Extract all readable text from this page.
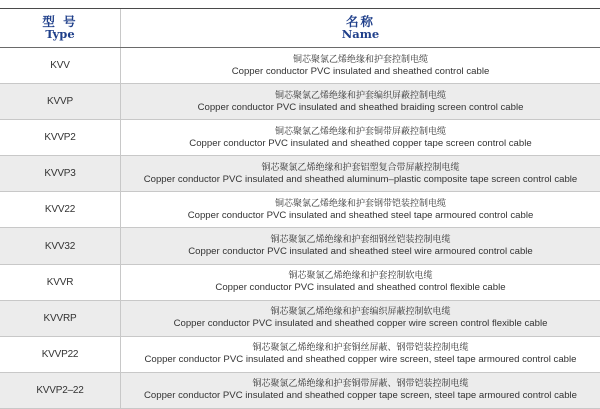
型 号
Type
名称
Name
KVV
铜芯聚氯乙烯绝缘和护套控制电缆
Copper conductor PVC insulated and sheathed control cable
KVVP
铜芯聚氯乙烯绝缘和护套编织屏蔽控制电缆
Copper conductor PVC insulated and sheathed braiding screen control cable
KVVP2
铜芯聚氯乙烯绝缘和护套铜带屏蔽控制电缆
Copper conductor PVC insulated and sheathed copper tape screen control cable
KVVP3
铜芯聚氯乙烯绝缘和护套铝塑复合带屏蔽控制电缆
Copper conductor PVC insulated and sheathed aluminum–plastic composite tape screen control cable
KVV22
铜芯聚氯乙烯绝缘和护套钢带铠装控制电缆
Copper conductor PVC insulated and sheathed steel tape armoured control cable
KVV32
铜芯聚氯乙烯绝缘和护套细钢丝铠装控制电缆
Copper conductor PVC insulated and sheathed steel wire armoured control cable
KVVR
铜芯聚氯乙烯绝缘和护套控制软电缆
Copper conductor PVC insulated and sheathed control flexible cable
KVVRP
铜芯聚氯乙烯绝缘和护套编织屏蔽控制软电缆
Copper conductor PVC insulated and sheathed copper wire screen control flexible cable
KVVP22
铜芯聚氯乙烯绝缘和护套铜丝屏蔽、钢带铠装控制电缆
Copper conductor PVC insulated and sheathed copper wire screen, steel tape armoured control cable
KVVP2–22
铜芯聚氯乙烯绝缘和护套铜带屏蔽、钢带铠装控制电缆
Copper conductor PVC insulated and sheathed copper tape screen, steel tape armoured control cable
